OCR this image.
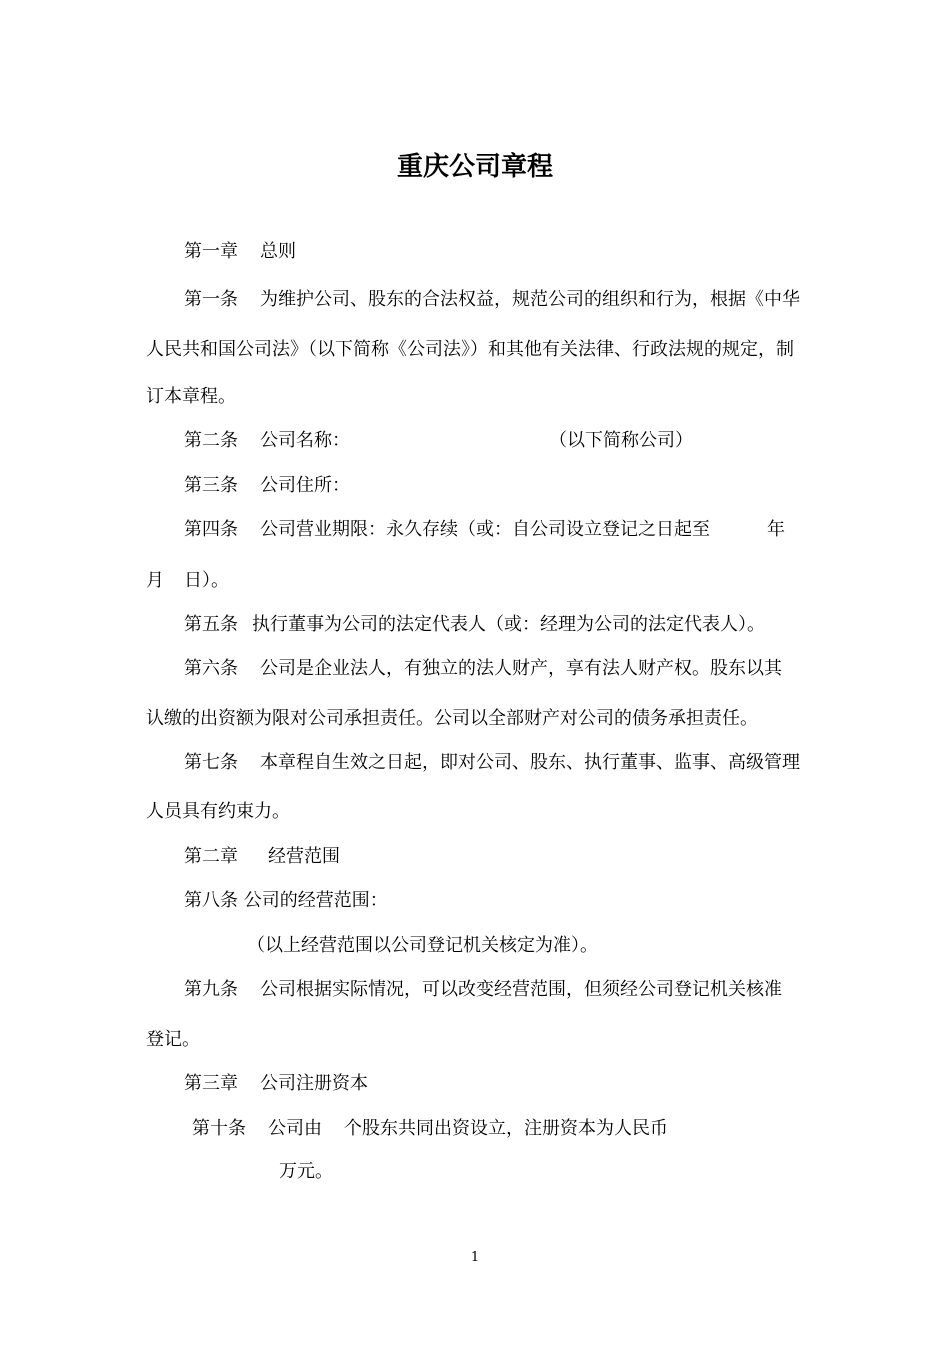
重庆公司章程
第一章 总则
第一条 为维护公司、股东的合法权益，规范公司的组织和行为，根据《中华
人民共和国公司法》（以下简称《公司法》）和其他有关法律、行政法规的规定，制
订本章程。
第二条 公司名称：	（以下简称公司）
第三条 公司住所：
第四条 公司营业期限：永久存续（或：自公司设立登记之日起至	年
月 日）。
第五条 执行董事为公司的法定代表人（或：经理为公司的法定代表人）。
第六条 公司是企业法人，有独立的法人财产，享有法人财产权。股东以其
认缴的出资额为限对公司承担责任。公司以全部财产对公司的债务承担责任。
第七条 本章程自生效之日起，即对公司、股东、执行董事、监事、高级管理
人员具有约束力。
第二章 经营范围
第八条 公司的经营范围：
（以上经营范围以公司登记机关核定为准）。
第九条 公司根据实际情况，可以改变经营范围，但须经公司登记机关核准
登记。
第三章 公司注册资本
第十条 公司由 个股东共同出资设立，注册资本为人民币
万元。
1
